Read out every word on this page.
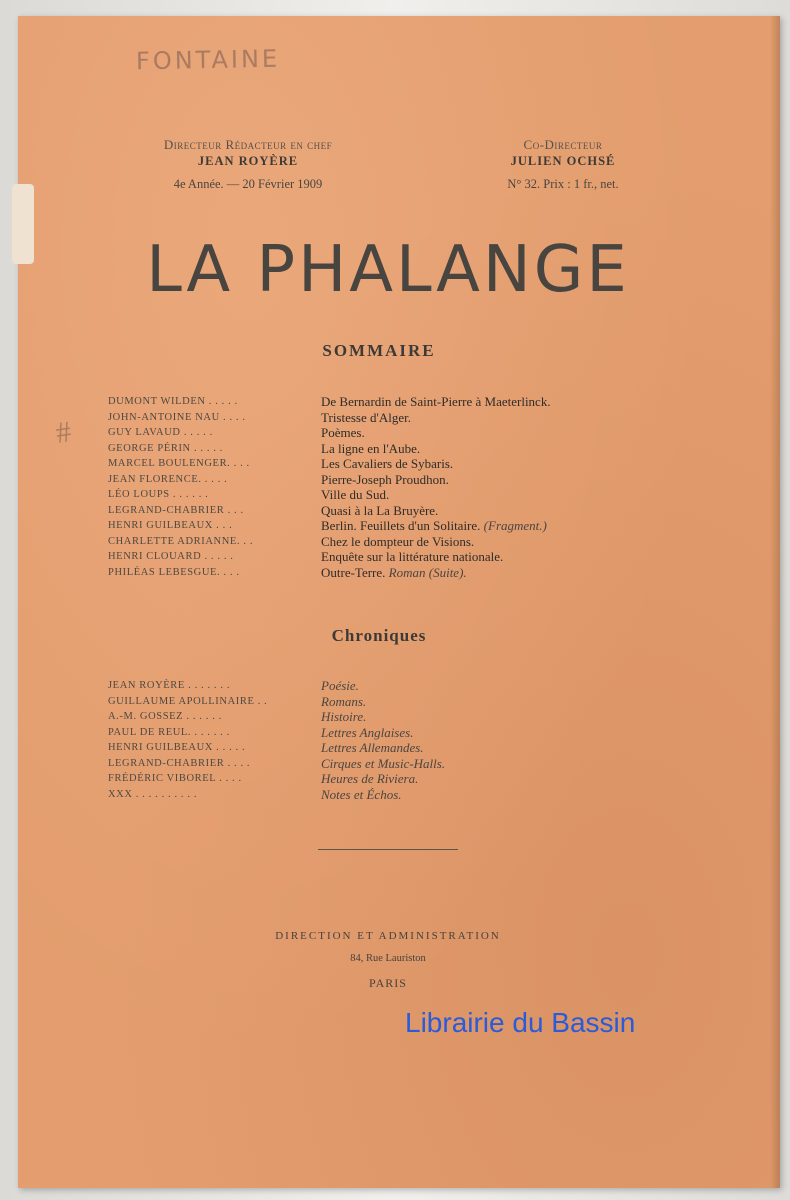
FONTAINE
#
Directeur Rédacteur en chef
JEAN ROYÈRE
4e Année. — 20 Février 1909
Co-Directeur
JULIEN OCHSÉ
N° 32. Prix : 1 fr., net.
LA PHALANGE
SOMMAIRE
DUMONT WILDEN . . . . .	De Bernardin de Saint-Pierre à Maeterlinck.
JOHN-ANTOINE NAU . . . .	Tristesse d'Alger.
GUY LAVAUD . . . . .	Poèmes.
GEORGE PÉRIN . . . . .	La ligne en l'Aube.
MARCEL BOULENGER. . . .	Les Cavaliers de Sybaris.
JEAN FLORENCE. . . . .	Pierre-Joseph Proudhon.
LÉO LOUPS . . . . . .	Ville du Sud.
LEGRAND-CHABRIER . . .	Quasi à la La Bruyère.
HENRI GUILBEAUX . . .	Berlin. Feuillets d'un Solitaire. (Fragment.)
CHARLETTE ADRIANNE. . .	Chez le dompteur de Visions.
HENRI CLOUARD . . . . .	Enquête sur la littérature nationale.
PHILÉAS LEBESGUE. . . .	Outre-Terre. Roman (Suite).
Chroniques
JEAN ROYÈRE . . . . . . .	Poésie.
GUILLAUME APOLLINAIRE . .	Romans.
A.-M. GOSSEZ . . . . . .	Histoire.
PAUL DE REUL. . . . . . .	Lettres Anglaises.
HENRI GUILBEAUX . . . . .	Lettres Allemandes.
LEGRAND-CHABRIER . . . .	Cirques et Music-Halls.
FRÉDÉRIC VIBOREL . . . .	Heures de Riviera.
XXX . . . . . . . . . .	Notes et Échos.
DIRECTION ET ADMINISTRATION
84, Rue Lauriston
PARIS
Librairie du Bassin
